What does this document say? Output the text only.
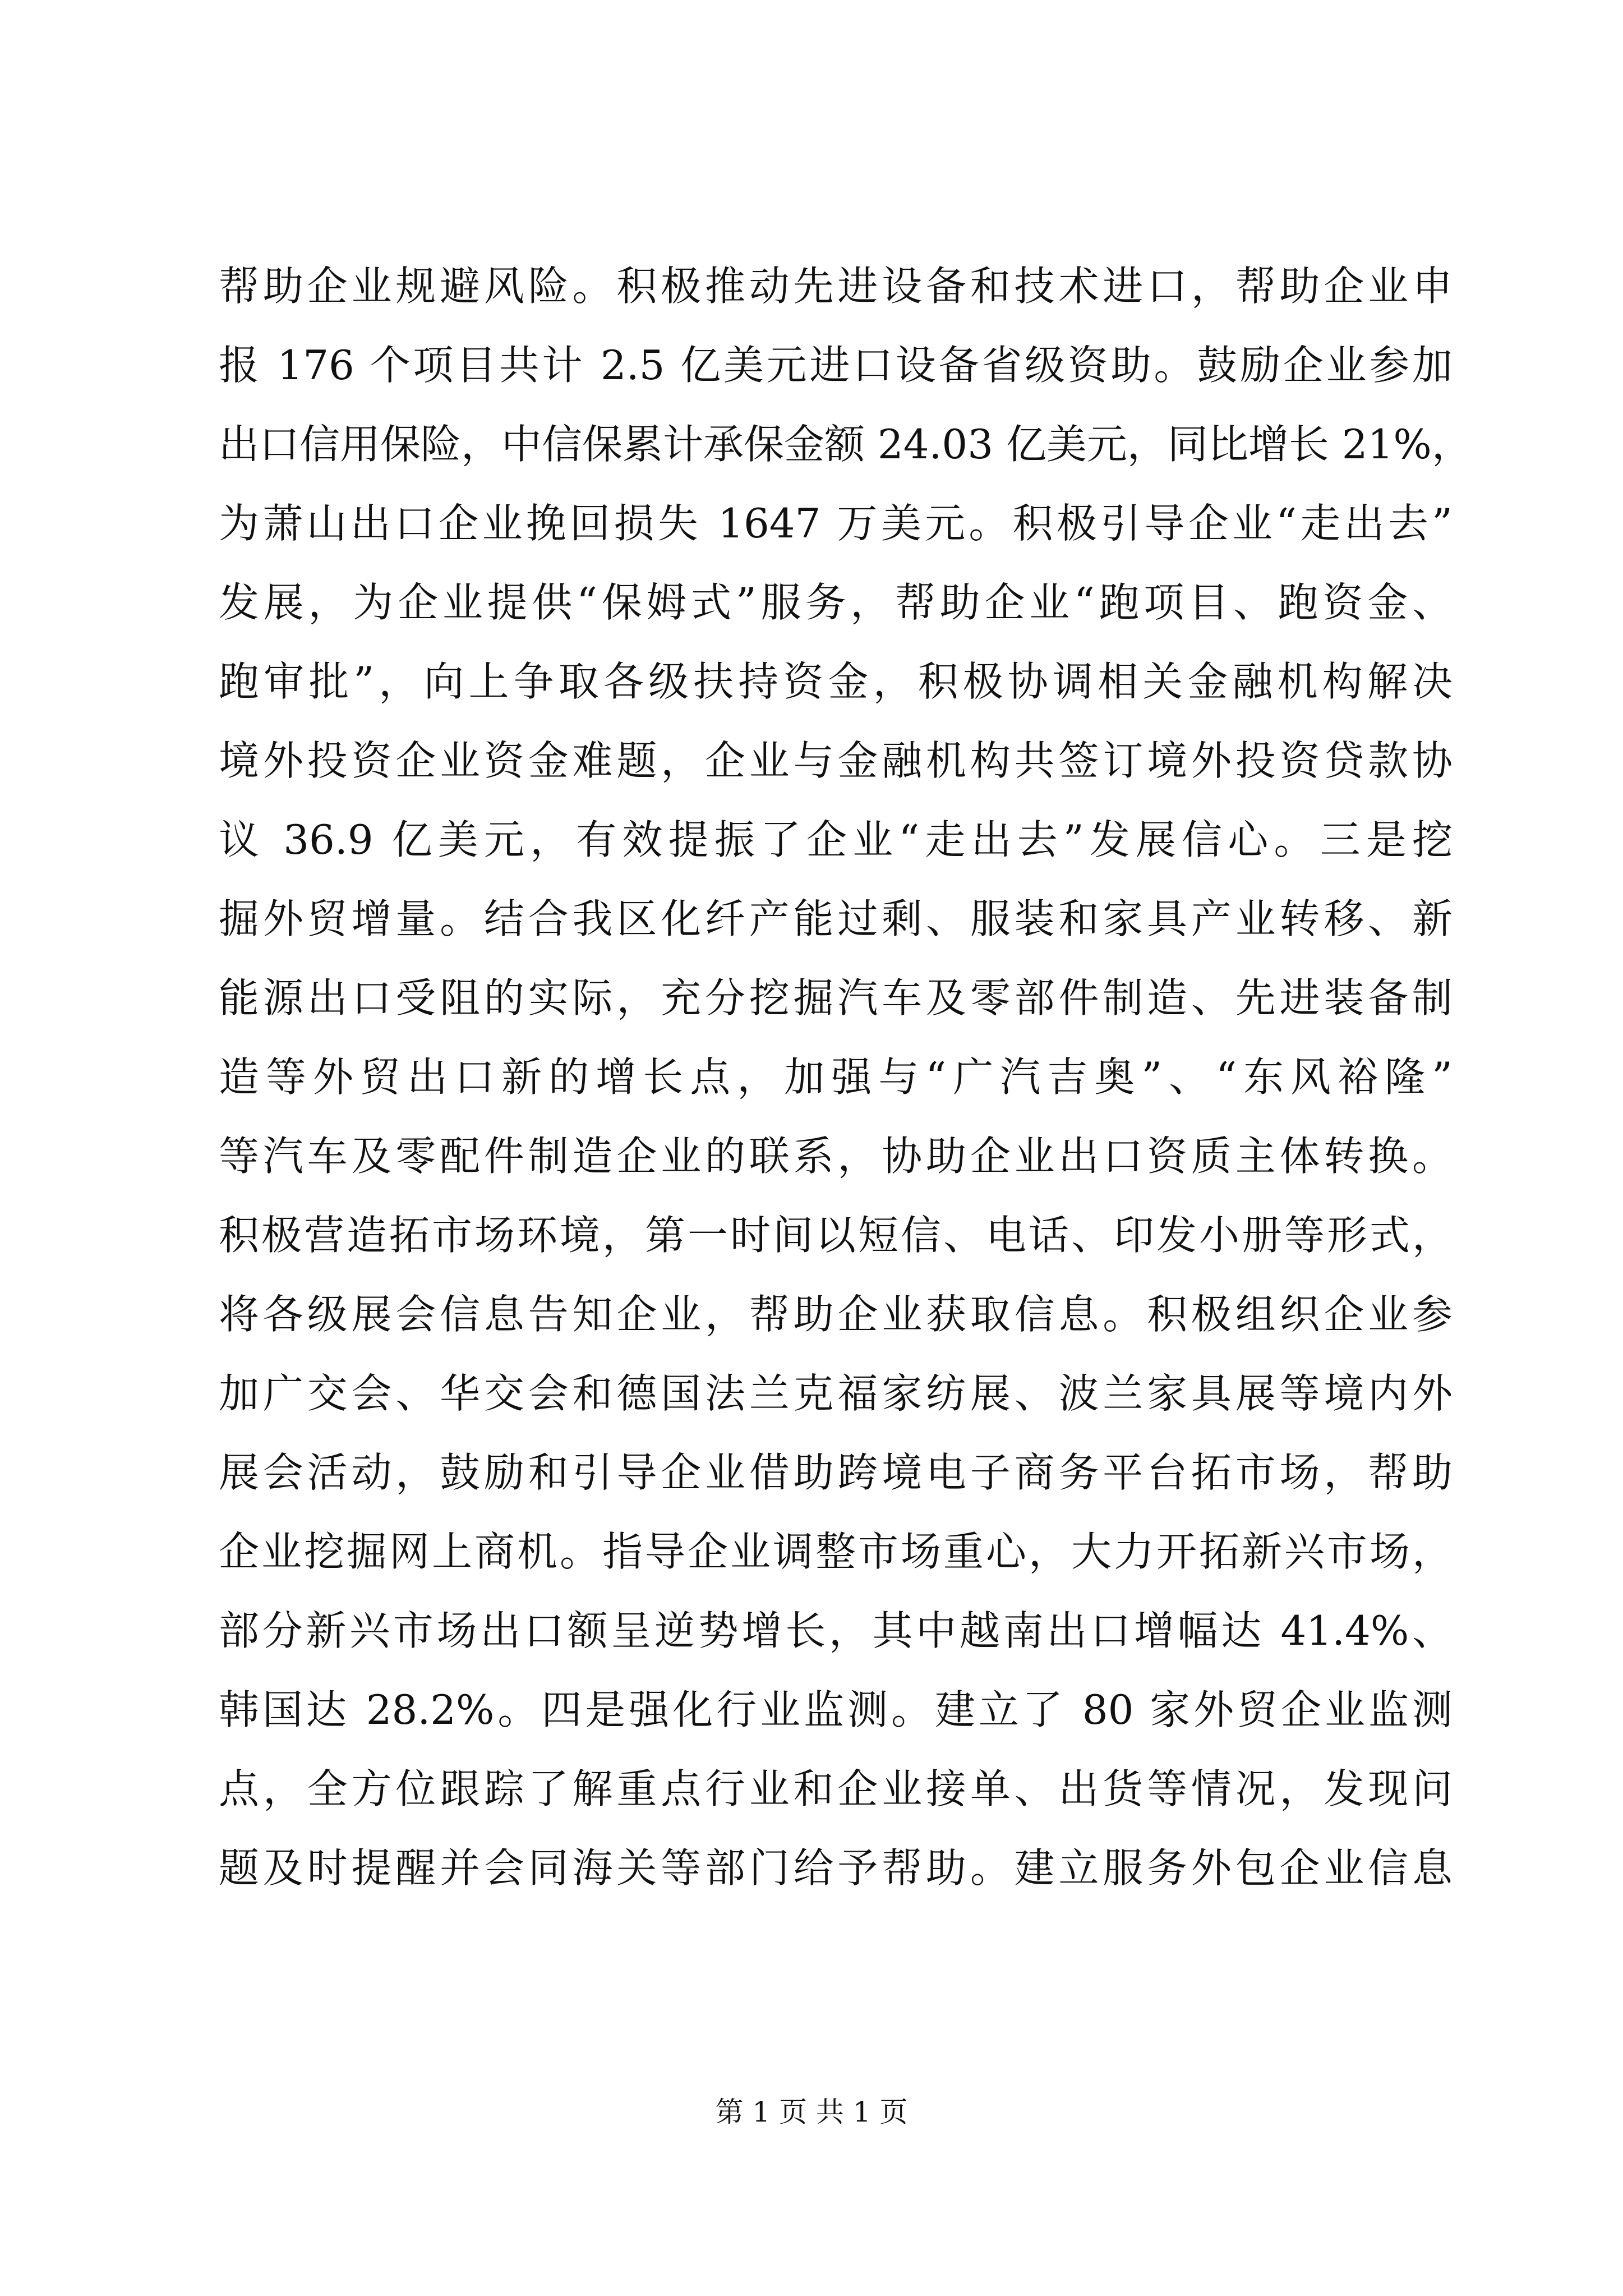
帮助企业规避风险。积极推动先进设备和技术进口，帮助企业申
报 176 个项目共计 2.5 亿美元进口设备省级资助。鼓励企业参加
出口信用保险，中信保累计承保金额 24.03 亿美元，同比增长 21%，
为萧山出口企业挽回损失 1647 万美元。积极引导企业“走出去”
发展，为企业提供“保姆式”服务，帮助企业“跑项目、跑资金、
跑审批”，向上争取各级扶持资金，积极协调相关金融机构解决
境外投资企业资金难题，企业与金融机构共签订境外投资贷款协
议 36.9 亿美元，有效提振了企业“走出去”发展信心。三是挖
掘外贸增量。结合我区化纤产能过剩、服装和家具产业转移、新
能源出口受阻的实际，充分挖掘汽车及零部件制造、先进装备制
造等外贸出口新的增长点，加强与“广汽吉奥”、“东风裕隆”
等汽车及零配件制造企业的联系，协助企业出口资质主体转换。
积极营造拓市场环境，第一时间以短信、电话、印发小册等形式，
将各级展会信息告知企业，帮助企业获取信息。积极组织企业参
加广交会、华交会和德国法兰克福家纺展、波兰家具展等境内外
展会活动，鼓励和引导企业借助跨境电子商务平台拓市场，帮助
企业挖掘网上商机。指导企业调整市场重心，大力开拓新兴市场，
部分新兴市场出口额呈逆势增长，其中越南出口增幅达 41.4%、
韩国达 28.2%。四是强化行业监测。建立了 80 家外贸企业监测
点，全方位跟踪了解重点行业和企业接单、出货等情况，发现问
题及时提醒并会同海关等部门给予帮助。建立服务外包企业信息
第 1 页 共 1 页
